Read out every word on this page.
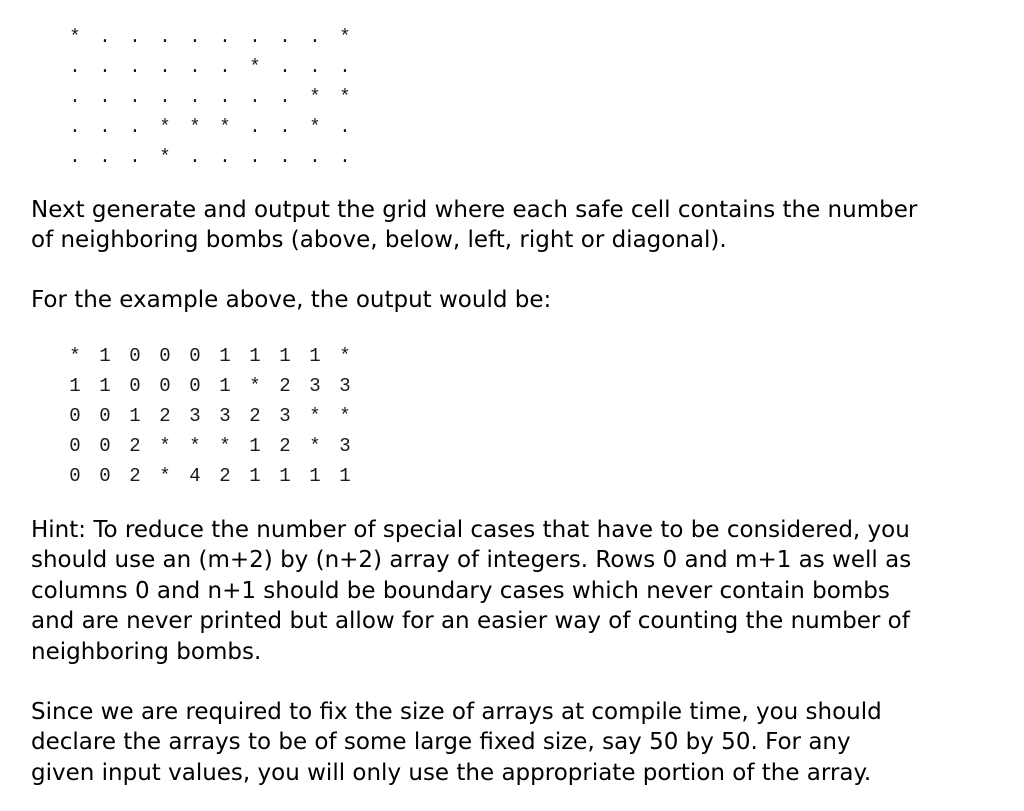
* . . . . . . . . *
. . . . . . * . . .
. . . . . . . . * *
. . . * * * . . * .
. . . * . . . . . .

Next generate and output the grid where each safe cell contains the number
of neighboring bombs (above, below, left, right or diagonal).

For the example above, the output would be:

* 1 0 0 0 1 1 1 1 *
1 1 0 0 0 1 * 2 3 3
0 0 1 2 3 3 2 3 * *
0 0 2 * * * 1 2 * 3
0 0 2 * 4 2 1 1 1 1

Hint: To reduce the number of special cases that have to be considered, you
should use an (m+2) by (n+2) array of integers. Rows 0 and m+1 as well as
columns 0 and n+1 should be boundary cases which never contain bombs
and are never printed but allow for an easier way of counting the number of
neighboring bombs.

Since we are required to fix the size of arrays at compile time, you should
declare the arrays to be of some large fixed size, say 50 by 50. For any
given input values, you will only use the appropriate portion of the array.
